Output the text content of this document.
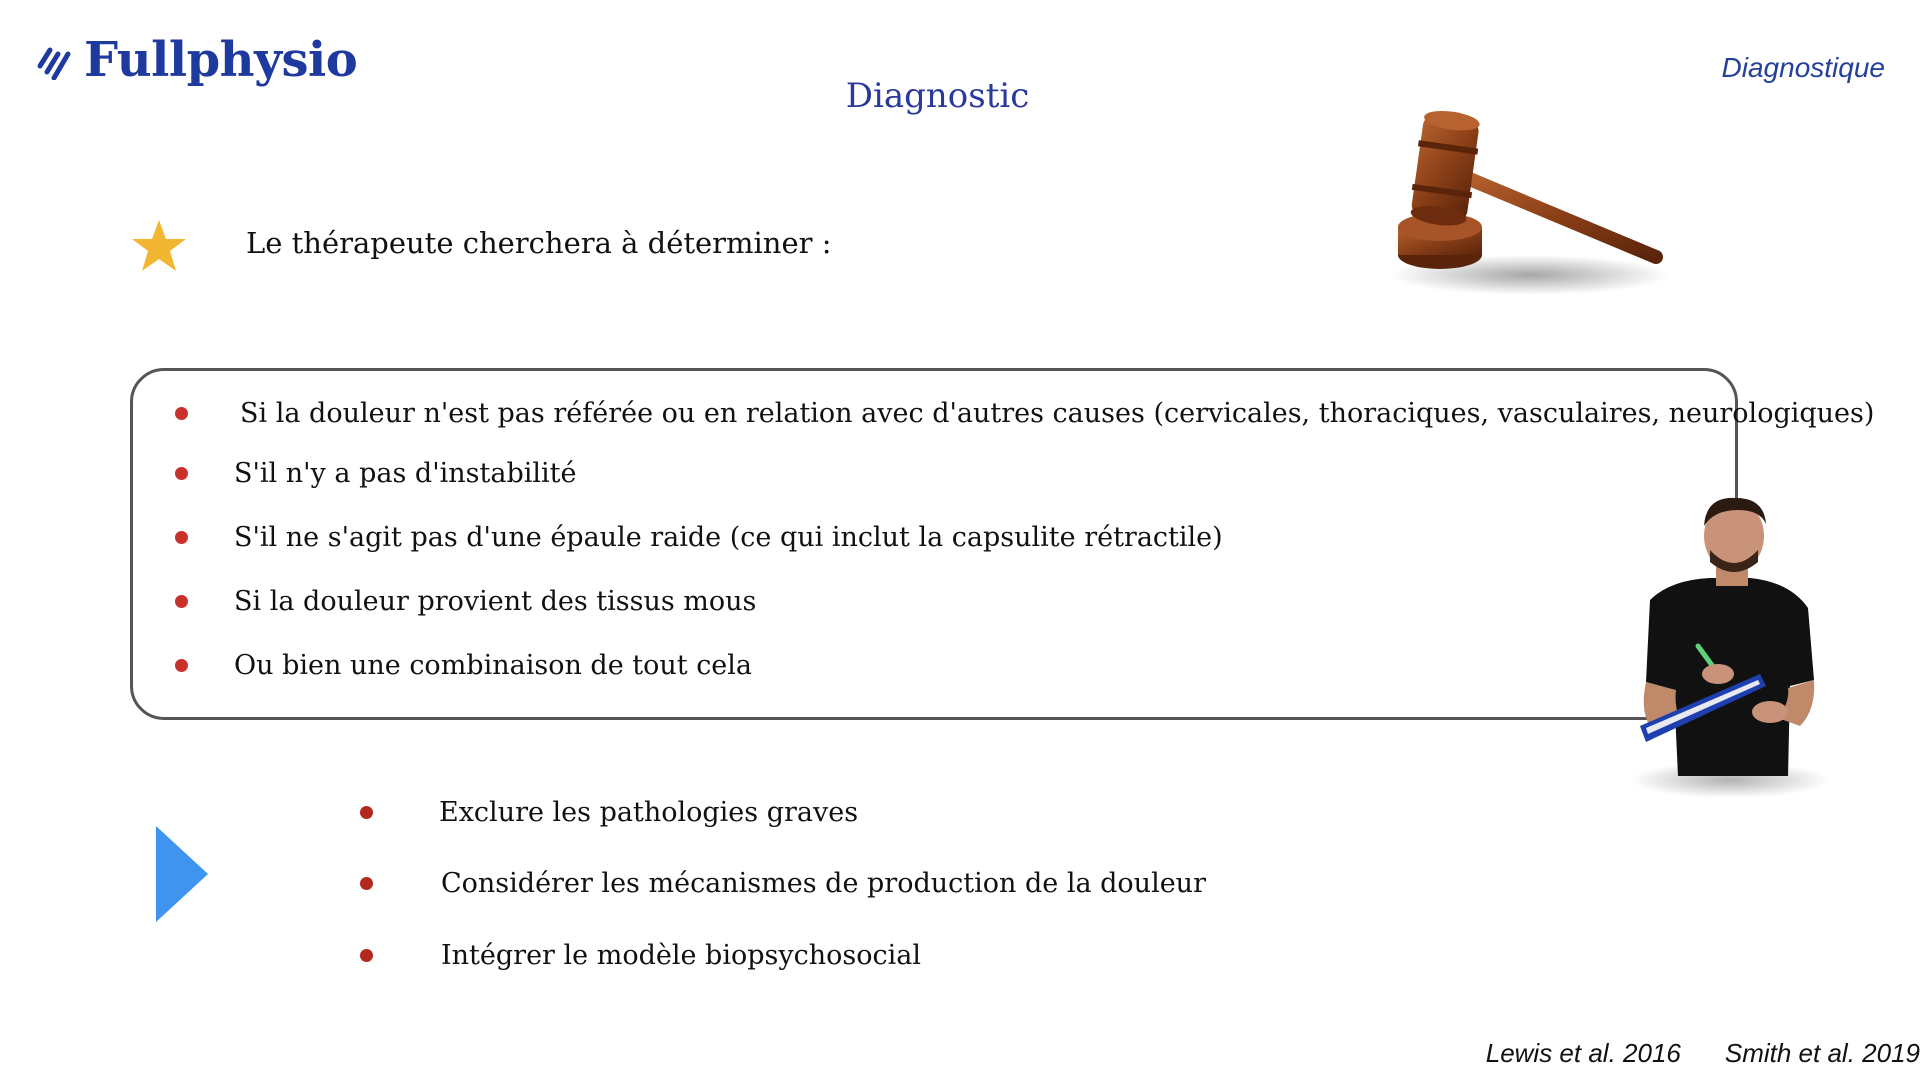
Fullphysio
Diagnostic
Diagnostique
Le thérapeute cherchera à déterminer :
Si la douleur n'est pas référée ou en relation avec d'autres causes (cervicales, thoraciques, vasculaires, neurologiques)
S'il n'y a pas d'instabilité
S'il ne s'agit pas d'une épaule raide (ce qui inclut la capsulite rétractile)
Si la douleur provient des tissus mous
Ou bien une combinaison de tout cela
Exclure les pathologies graves
Considérer les mécanismes de production de la douleur
Intégrer le modèle biopsychosocial
Lewis et al. 2016 Smith et al. 2019
